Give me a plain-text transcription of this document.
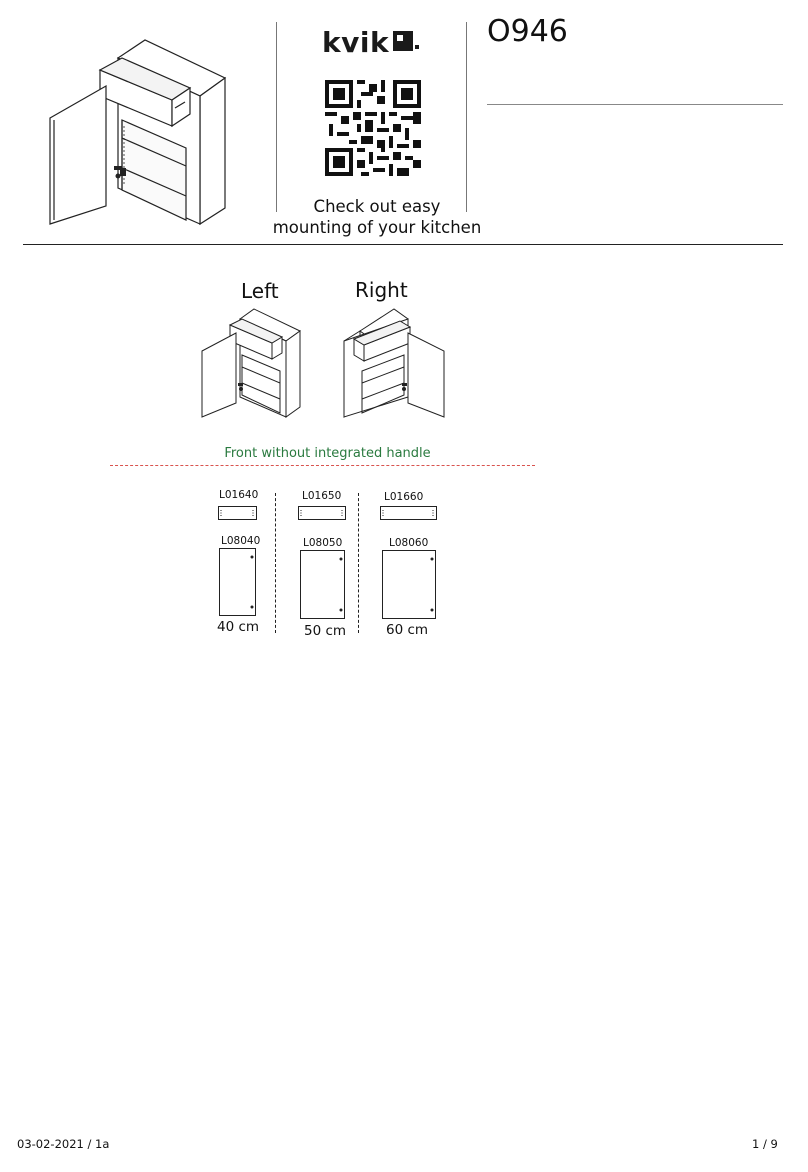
kvik
Check out easy
mounting of your kitchen
O946
Left	Right
Front without integrated handle
L01640
L08040
40 cm
L01650
L08050
50 cm
L01660
L08060
60 cm
03-02-2021 / 1a	1 / 9
